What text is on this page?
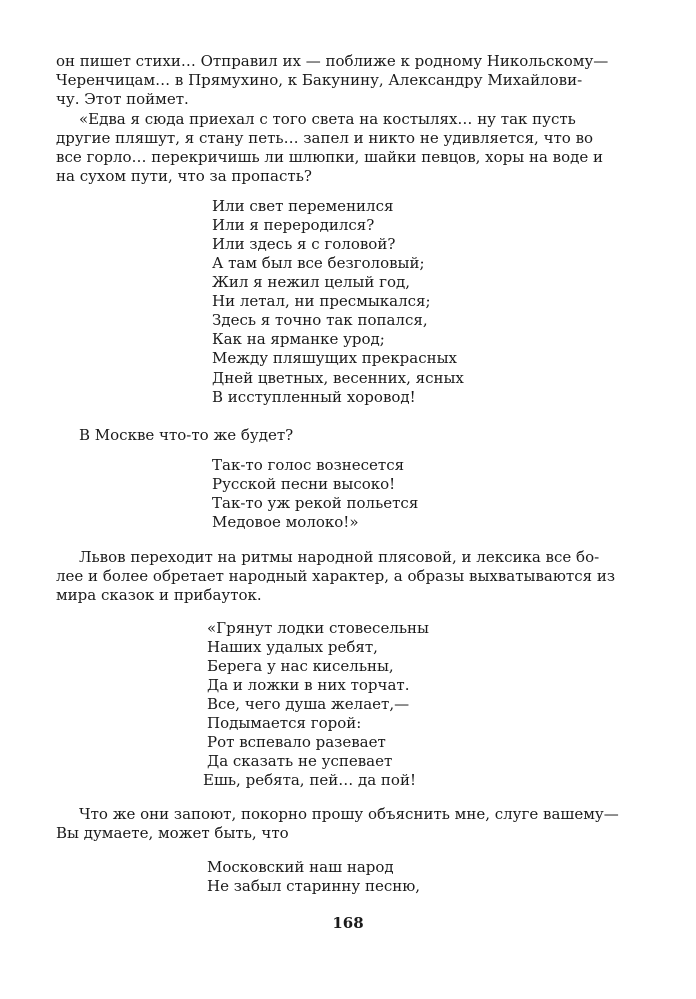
он пишет стихи… Отправил их — поближе к родному Никольскому—
Черенчицам… в Прямухино, к Бакунину, Александру Михайлови-
чу. Этот поймет.
«Едва я сюда приехал с того света на костылях… ну так пусть
другие пляшут, я стану петь… запел и никто не удивляется, что во
все горло… перекричишь ли шлюпки, шайки певцов, хоры на воде и
на сухом пути, что за пропасть?
Или свет переменился
Или я переродился?
Или здесь я с головой?
А там был все безголовый;
Жил я нежил целый год,
Ни летал, ни пресмыкался;
Здесь я точно так попался,
Как на ярманке урод;
Между пляшущих прекрасных
Дней цветных, весенних, ясных
В исступленный хоровод!
В Москве что-то же будет?
Так-то голос вознесется
Русской песни высоко!
Так-то уж рекой польется
Медовое молоко!»
Львов переходит на ритмы народной плясовой, и лексика все бо-
лее и более обретает народный характер, а образы выхватываются из
мира сказок и прибауток.
«Грянут лодки стовесельны
Наших удалых ребят,
Берега у нас кисельны,
Да и ложки в них торчат.
Все, чего душа желает,—
Подымается горой:
Рот вспевало разевает
Да сказать не успевает
Ешь, ребята, пей… да пой!
Что же они запоют, покорно прошу объяснить мне, слуге вашему—
Вы думаете, может быть, что
Московский наш народ
Не забыл старинну песню,
168
